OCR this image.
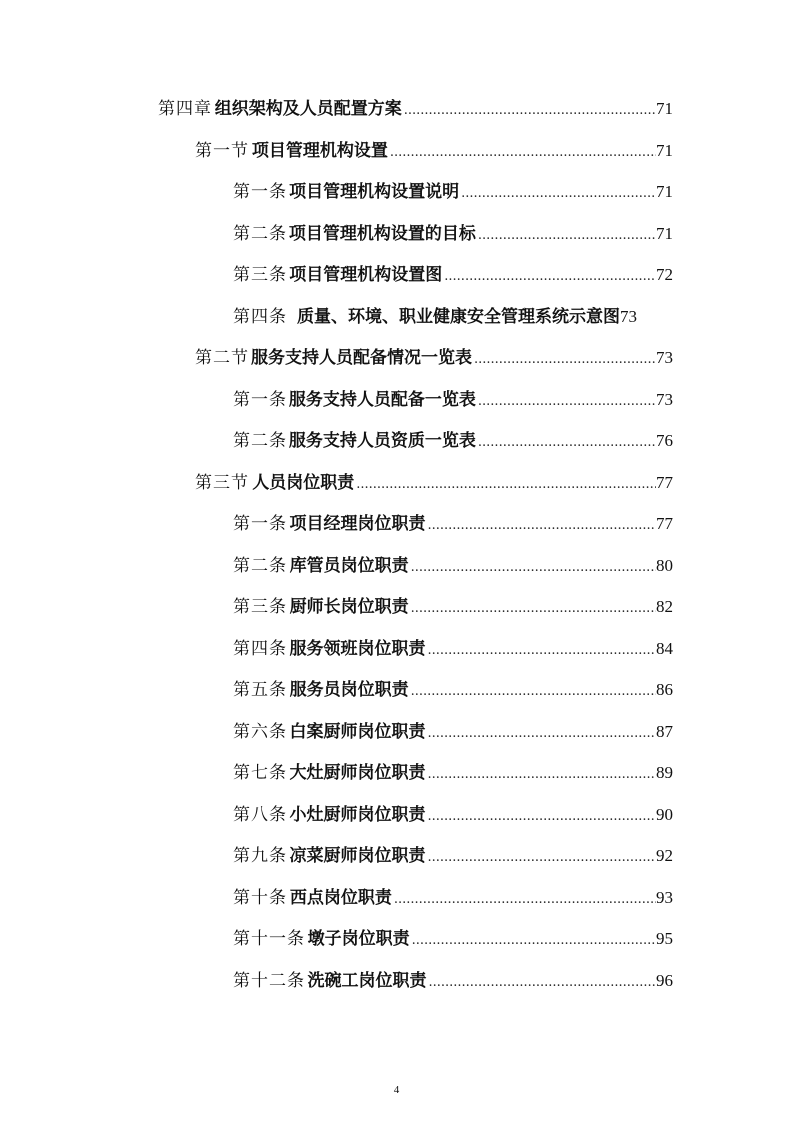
第四章 组织架构及人员配置方案 .....	71
第一节 项目管理机构设置 .....	71
第一条 项目管理机构设置说明 .....	71
第二条 项目管理机构设置的目标 .....	71
第三条 项目管理机构设置图 .....	72
第四条 质量、环境、职业健康安全管理系统示意图 73
第二节 服务支持人员配备情况一览表 .....	73
第一条 服务支持人员配备一览表 .....	73
第二条 服务支持人员资质一览表 .....	76
第三节 人员岗位职责 .....	77
第一条 项目经理岗位职责 .....	77
第二条 库管员岗位职责 .....	80
第三条 厨师长岗位职责 .....	82
第四条 服务领班岗位职责 .....	84
第五条 服务员岗位职责 .....	86
第六条 白案厨师岗位职责 .....	87
第七条 大灶厨师岗位职责 .....	89
第八条 小灶厨师岗位职责 .....	90
第九条 凉菜厨师岗位职责 .....	92
第十条 西点岗位职责 .....	93
第十一条 墩子岗位职责 .....	95
第十二条 洗碗工岗位职责 .....	96
4
